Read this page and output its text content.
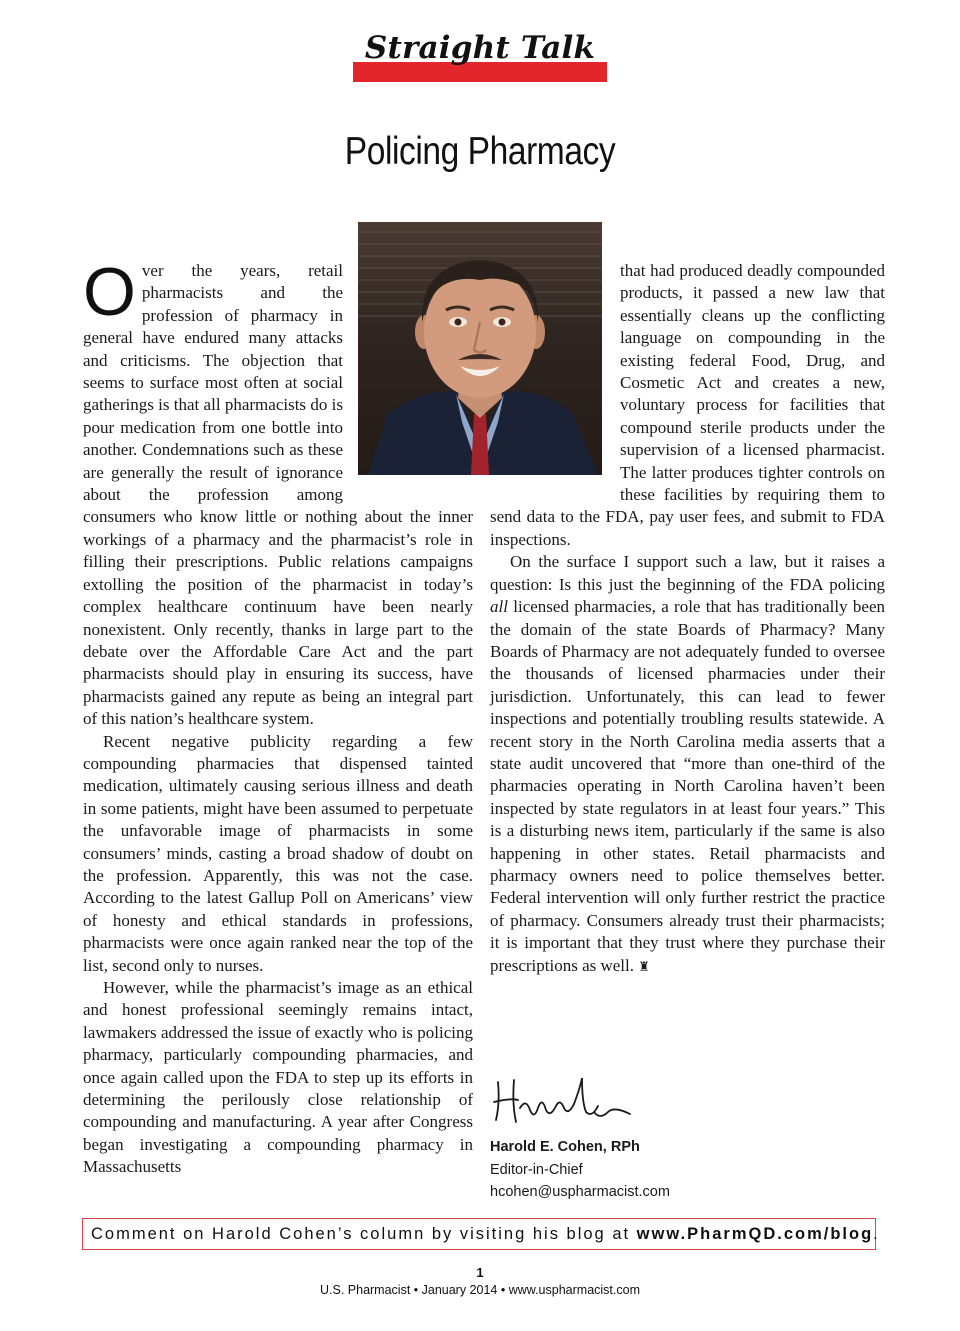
Straight Talk
Policing Pharmacy

Over the years, retail pharmacists and the profession of pharmacy in general have endured many attacks and criticisms. The objection that seems to surface most often at social gatherings is that all pharmacists do is pour medication from one bottle into another. Condemnations such as these are generally the result of ignorance about the profession among consumers who know little or nothing about the inner workings of a pharmacy and the pharmacist’s role in filling their prescriptions. Public relations campaigns extolling the position of the pharmacist in today’s complex healthcare continuum have been nearly nonexistent. Only recently, thanks in large part to the debate over the Affordable Care Act and the part pharmacists should play in ensuring its success, have pharmacists gained any repute as being an integral part of this nation’s healthcare system.

Recent negative publicity regarding a few compounding pharmacies that dispensed tainted medication, ultimately causing serious illness and death in some patients, might have been assumed to perpetuate the unfavorable image of pharmacists in some consumers’ minds, casting a broad shadow of doubt on the profession. Apparently, this was not the case. According to the latest Gallup Poll on Americans’ view of honesty and ethical standards in professions, pharmacists were once again ranked near the top of the list, second only to nurses.

However, while the pharmacist’s image as an ethical and honest professional seemingly remains intact, lawmakers addressed the issue of exactly who is policing pharmacy, particularly compounding pharmacies, and once again called upon the FDA to step up its efforts in determining the perilously close relationship of compounding and manufacturing. A year after Congress began investigating a compounding pharmacy in Massachusetts

that had produced deadly compounded products, it passed a new law that essentially cleans up the conflicting language on compounding in the existing federal Food, Drug, and Cosmetic Act and creates a new, voluntary process for facilities that compound sterile products under the supervision of a licensed pharmacist. The latter produces tighter controls on these facilities by requiring them to send data to the FDA, pay user fees, and submit to FDA inspections.

On the surface I support such a law, but it raises a question: Is this just the beginning of the FDA policing all licensed pharmacies, a role that has traditionally been the domain of the state Boards of Pharmacy? Many Boards of Pharmacy are not adequately funded to oversee the thousands of licensed pharmacies under their jurisdiction. Unfortunately, this can lead to fewer inspections and potentially troubling results statewide. A recent story in the North Carolina media asserts that a state audit uncovered that “more than one-third of the pharmacies operating in North Carolina haven’t been inspected by state regulators in at least four years.” This is a disturbing news item, particularly if the same is also happening in other states. Retail pharmacists and pharmacy owners need to police themselves better. Federal intervention will only further restrict the practice of pharmacy. Consumers already trust their pharmacists; it is important that they trust where they purchase their prescriptions as well. ♜

Harold E. Cohen, RPh
Editor-in-Chief
hcohen@uspharmacist.com
Comment on Harold Cohen’s column by visiting his blog at www.PharmQD.com/blog.
1
U.S. Pharmacist • January 2014 • www.uspharmacist.com
